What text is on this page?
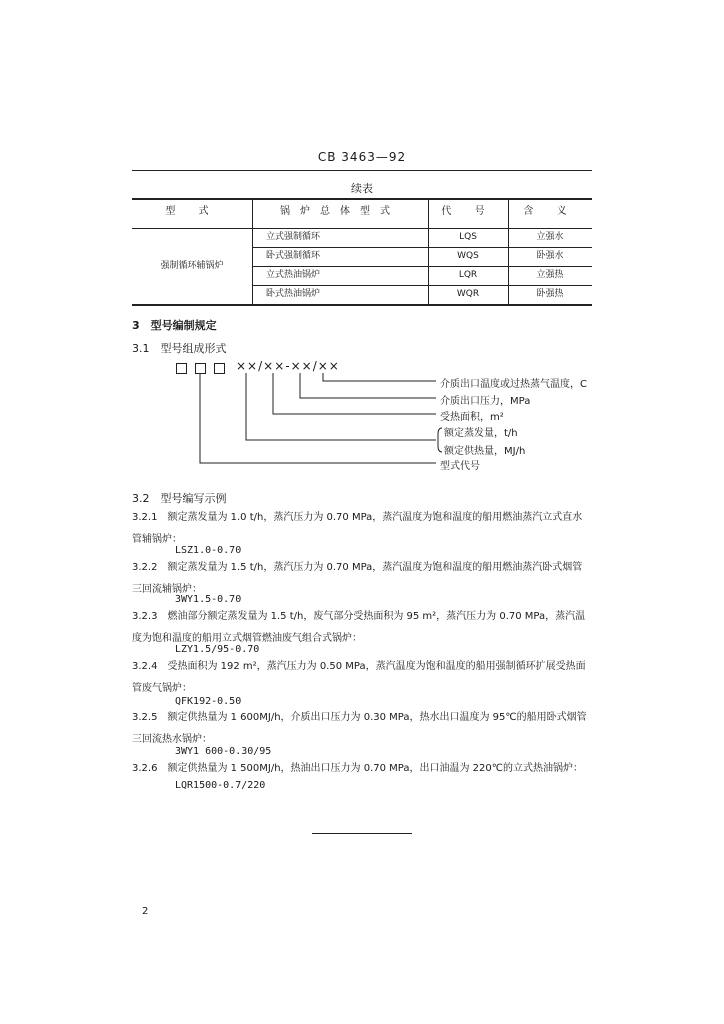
CB 3463—92
续表
型 式	锅炉总体型式	代 号	含 义
强制循环辅锅炉
立式强制循环	LQS	立强水
卧式强制循环	WQS	卧强水
立式热油锅炉	LQR	立强热
卧式热油锅炉	WQR	卧强热
3　型号编制规定
3.1　型号组成形式
××/××-××/××
介质出口温度或过热蒸气温度，C
介质出口压力，MPa
受热面积，m²
额定蒸发量，t/h
额定供热量，MJ/h
型式代号
3.2　型号编写示例
3.2.1　额定蒸发量为 1.0 t/h，蒸汽压力为 0.70 MPa，蒸汽温度为饱和温度的船用燃油蒸汽立式直水管辅锅炉：
LSZ1.0-0.70
3.2.2　额定蒸发量为 1.5 t/h，蒸汽压力为 0.70 MPa，蒸汽温度为饱和温度的船用燃油蒸汽卧式烟管三回流辅锅炉：
3WY1.5-0.70
3.2.3　燃油部分额定蒸发量为 1.5 t/h，废气部分受热面积为 95 m²，蒸汽压力为 0.70 MPa，蒸汽温度为饱和温度的船用立式烟管燃油废气组合式锅炉：
LZY1.5/95-0.70
3.2.4　受热面积为 192 m²，蒸汽压力为 0.50 MPa，蒸汽温度为饱和温度的船用强制循环扩展受热面管废气锅炉：
QFK192-0.50
3.2.5　额定供热量为 1 600MJ/h，介质出口压力为 0.30 MPa，热水出口温度为 95℃的船用卧式烟管三回流热水锅炉：
3WY1 600-0.30/95
3.2.6　额定供热量为 1 500MJ/h，热油出口压力为 0.70 MPa，出口油温为 220℃的立式热油锅炉：
LQR1500-0.7/220
2
